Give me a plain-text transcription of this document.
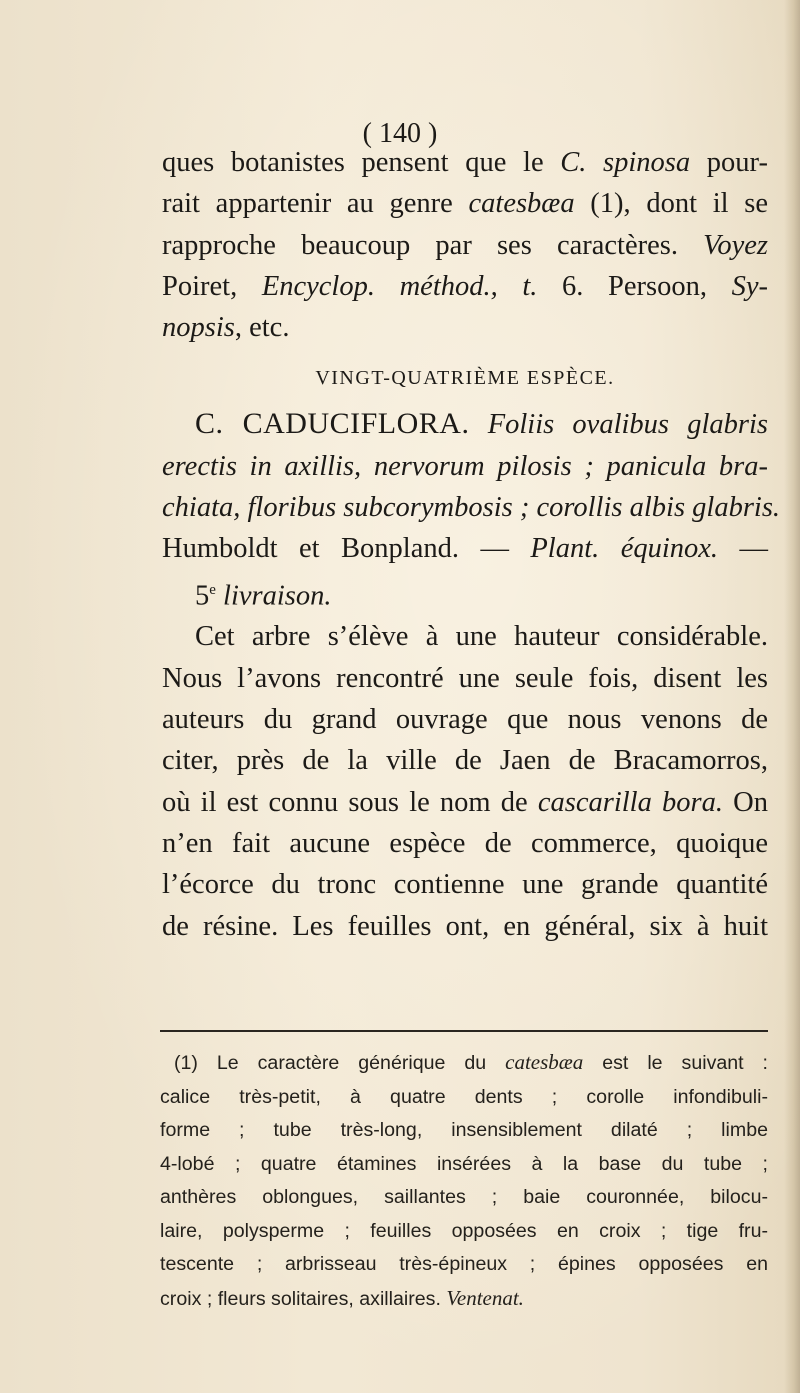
( 140 )
ques botanistes pensent que le C. spinosa pour-
rait appartenir au genre catesbæa (1), dont il se
rapproche beaucoup par ses caractères. Voyez
Poiret, Encyclop. méthod., t. 6. Persoon, Sy-
nopsis, etc.
VINGT-QUATRIÈME ESPÈCE.
C. CADUCIFLORA. Foliis ovalibus glabris
erectis in axillis, nervorum pilosis ; panicula bra-
chiata, floribus subcorymbosis ; corollis albis glabris.
Humboldt et Bonpland. — Plant. équinox. —
5e livraison.
Cet arbre s’élève à une hauteur considérable.
Nous l’avons rencontré une seule fois, disent les
auteurs du grand ouvrage que nous venons de
citer, près de la ville de Jaen de Bracamorros,
où il est connu sous le nom de cascarilla bora. On
n’en fait aucune espèce de commerce, quoique
l’écorce du tronc contienne une grande quantité
de résine. Les feuilles ont, en général, six à huit
(1) Le caractère générique du catesbæa est le suivant :
calice très-petit, à quatre dents ; corolle infondibuli-
forme ; tube très-long, insensiblement dilaté ; limbe
4-lobé ; quatre étamines insérées à la base du tube ;
anthères oblongues, saillantes ; baie couronnée, bilocu-
laire, polysperme ; feuilles opposées en croix ; tige fru-
tescente ; arbrisseau très-épineux ; épines opposées en
croix ; fleurs solitaires, axillaires. Ventenat.
